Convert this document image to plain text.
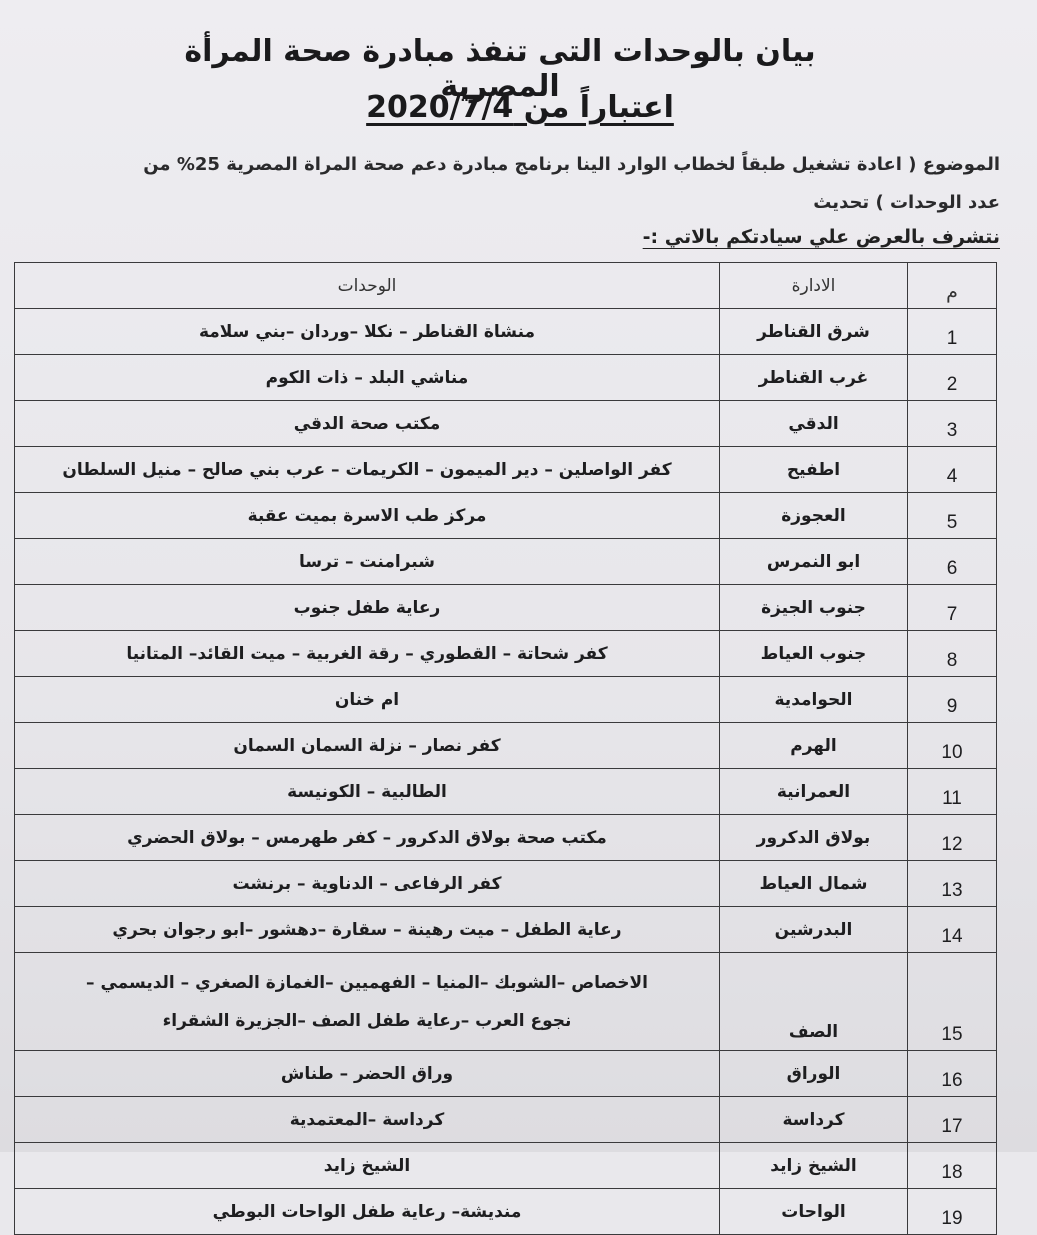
بيان بالوحدات التى تنفذ مبادرة صحة المرأة المصرية
اعتباراً من 2020/7/4
الموضوع ( اعادة تشغيل طبقاً لخطاب الوارد الينا برنامج مبادرة دعم صحة المراة المصرية 25% من عدد الوحدات ) تحديث
نتشرف بالعرض علي سيادتكم بالاتي :-
م	الادارة	الوحدات
1	شرق القناطر	منشاة القناطر – نكلا –وردان –بني سلامة
2	غرب القناطر	مناشي البلد – ذات الكوم
3	الدقي	مكتب صحة الدقي
4	اطفيح	كفر الواصلين – دير الميمون – الكريمات – عرب بني صالح – منيل السلطان
5	العجوزة	مركز طب الاسرة بميت عقبة
6	ابو النمرس	شبرامنت – ترسا
7	جنوب الجيزة	رعاية طفل جنوب
8	جنوب العياط	كفر شحاتة – القطوري – رقة الغربية – ميت القائد– المتانيا
9	الحوامدية	ام خنان
10	الهرم	كفر نصار – نزلة السمان السمان
11	العمرانية	الطالبية – الكونيسة
12	بولاق الدكرور	مكتب صحة بولاق الدكرور – كفر طهرمس – بولاق الحضري
13	شمال العياط	كفر الرفاعى – الدناوية – برنشت
14	البدرشين	رعاية الطفل – ميت رهينة – سقارة –دهشور –ابو رجوان بحري
15	الصف	الاخصاص –الشوبك –المنيا – الفهميين –الغمازة الصغري – الديسمي –
نجوع العرب –رعاية طفل الصف –الجزيرة الشقراء

16	الوراق	وراق الحضر – طناش
17	كرداسة	كرداسة –المعتمدية
18	الشيخ زايد	الشيخ زايد
19	الواحات	منديشة– رعاية طفل الواحات البوطي
